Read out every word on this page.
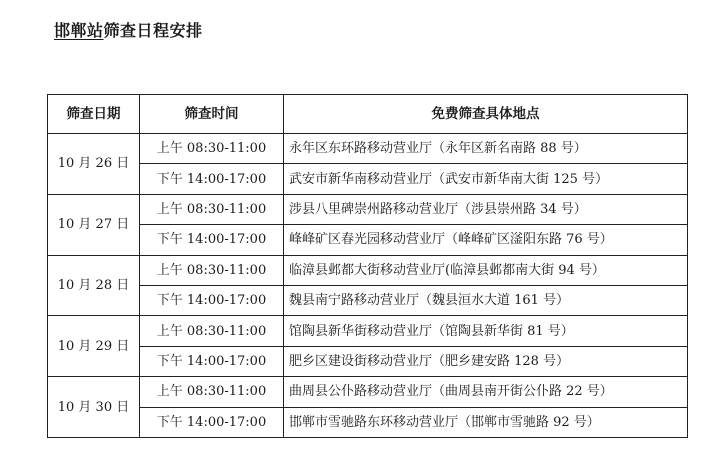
邯郸站筛查日程安排
筛查日期	筛查时间	免费筛查具体地点
10 月 26 日	上午 08:30-11:00	永年区东环路移动营业厅（永年区新名南路 88 号）
	下午 14:00-17:00	武安市新华南移动营业厅（武安市新华南大街 125 号）
10 月 27 日	上午 08:30-11:00	涉县八里碑崇州路移动营业厅（涉县崇州路 34 号）
	下午 14:00-17:00	峰峰矿区春光园移动营业厅（峰峰矿区滏阳东路 76 号）
10 月 28 日	上午 08:30-11:00	临漳县邺都大街移动营业厅(临漳县邺都南大街 94 号）
	下午 14:00-17:00	魏县南宁路移动营业厅（魏县洹水大道 161 号）
10 月 29 日	上午 08:30-11:00	馆陶县新华街移动营业厅（馆陶县新华街 81 号）
	下午 14:00-17:00	肥乡区建设街移动营业厅（肥乡建安路 128 号）
10 月 30 日	上午 08:30-11:00	曲周县公仆路移动营业厅（曲周县南开街公仆路 22 号）
	下午 14:00-17:00	邯郸市雪驰路东环移动营业厅（邯郸市雪驰路 92 号）
